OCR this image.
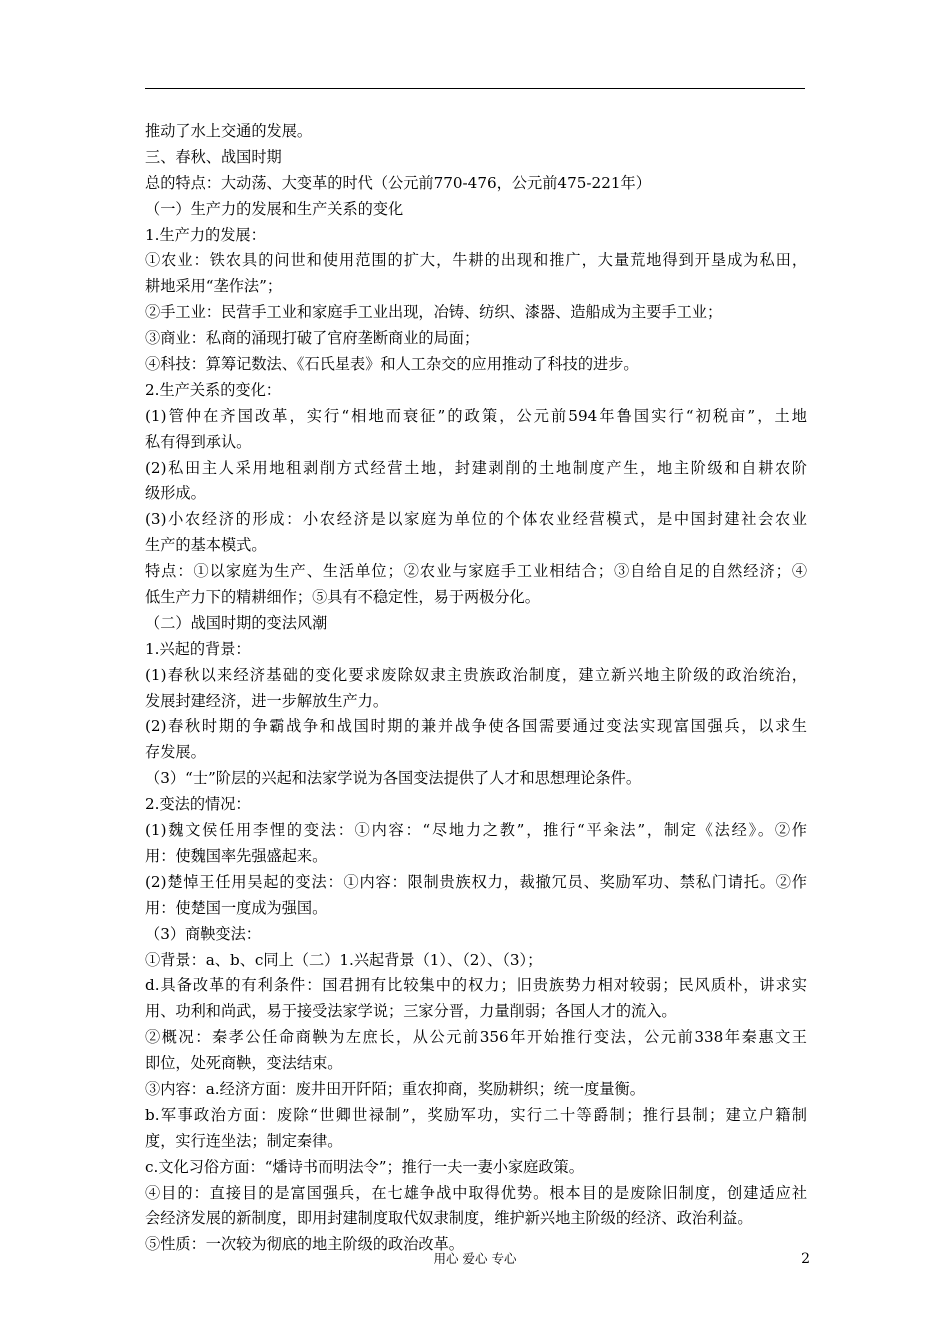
推动了水上交通的发展。
三、春秋、战国时期
总的特点：大动荡、大变革的时代（公元前770-476，公元前475-221年）
（一）生产力的发展和生产关系的变化
1.生产力的发展：
①农业：铁农具的问世和使用范围的扩大，牛耕的出现和推广，大量荒地得到开垦成为私田，
耕地采用“垄作法”；
②手工业：民营手工业和家庭手工业出现，冶铸、纺织、漆器、造船成为主要手工业；
③商业：私商的涌现打破了官府垄断商业的局面；
④科技：算筹记数法、《石氏星表》和人工杂交的应用推动了科技的进步。
2.生产关系的变化：
(1)管仲在齐国改革，实行“相地而衰征”的政策，公元前594年鲁国实行“初税亩”，土地
私有得到承认。
(2)私田主人采用地租剥削方式经营土地，封建剥削的土地制度产生，地主阶级和自耕农阶
级形成。
(3)小农经济的形成：小农经济是以家庭为单位的个体农业经营模式，是中国封建社会农业
生产的基本模式。
特点：①以家庭为生产、生活单位；②农业与家庭手工业相结合；③自给自足的自然经济；④
低生产力下的精耕细作；⑤具有不稳定性，易于两极分化。
（二）战国时期的变法风潮
1.兴起的背景：
(1)春秋以来经济基础的变化要求废除奴隶主贵族政治制度，建立新兴地主阶级的政治统治，
发展封建经济，进一步解放生产力。
(2)春秋时期的争霸战争和战国时期的兼并战争使各国需要通过变法实现富国强兵，以求生
存发展。
（3）“士”阶层的兴起和法家学说为各国变法提供了人才和思想理论条件。
2.变法的情况：
(1)魏文侯任用李悝的变法：①内容：“尽地力之教”，推行“平籴法”，制定《法经》。②作
用：使魏国率先强盛起来。
(2)楚悼王任用吴起的变法：①内容：限制贵族权力，裁撤冗员、奖励军功、禁私门请托。②作
用：使楚国一度成为强国。
（3）商鞅变法：
①背景：a、b、c同上（二）1.兴起背景（1）、（2）、（3）；
d.具备改革的有利条件：国君拥有比较集中的权力；旧贵族势力相对较弱；民风质朴，讲求实
用、功利和尚武，易于接受法家学说；三家分晋，力量削弱；各国人才的流入。
②概况：秦孝公任命商鞅为左庶长，从公元前356年开始推行变法，公元前338年秦惠文王
即位，处死商鞅，变法结束。
③内容：a.经济方面：废井田开阡陌；重农抑商，奖励耕织；统一度量衡。
b.军事政治方面：废除“世卿世禄制”，奖励军功，实行二十等爵制；推行县制；建立户籍制
度，实行连坐法；制定秦律。
c.文化习俗方面：“燔诗书而明法令”；推行一夫一妻小家庭政策。
④目的：直接目的是富国强兵，在七雄争战中取得优势。根本目的是废除旧制度，创建适应社
会经济发展的新制度，即用封建制度取代奴隶制度，维护新兴地主阶级的经济、政治利益。
⑤性质：一次较为彻底的地主阶级的政治改革。
用心 爱心 专心	2
